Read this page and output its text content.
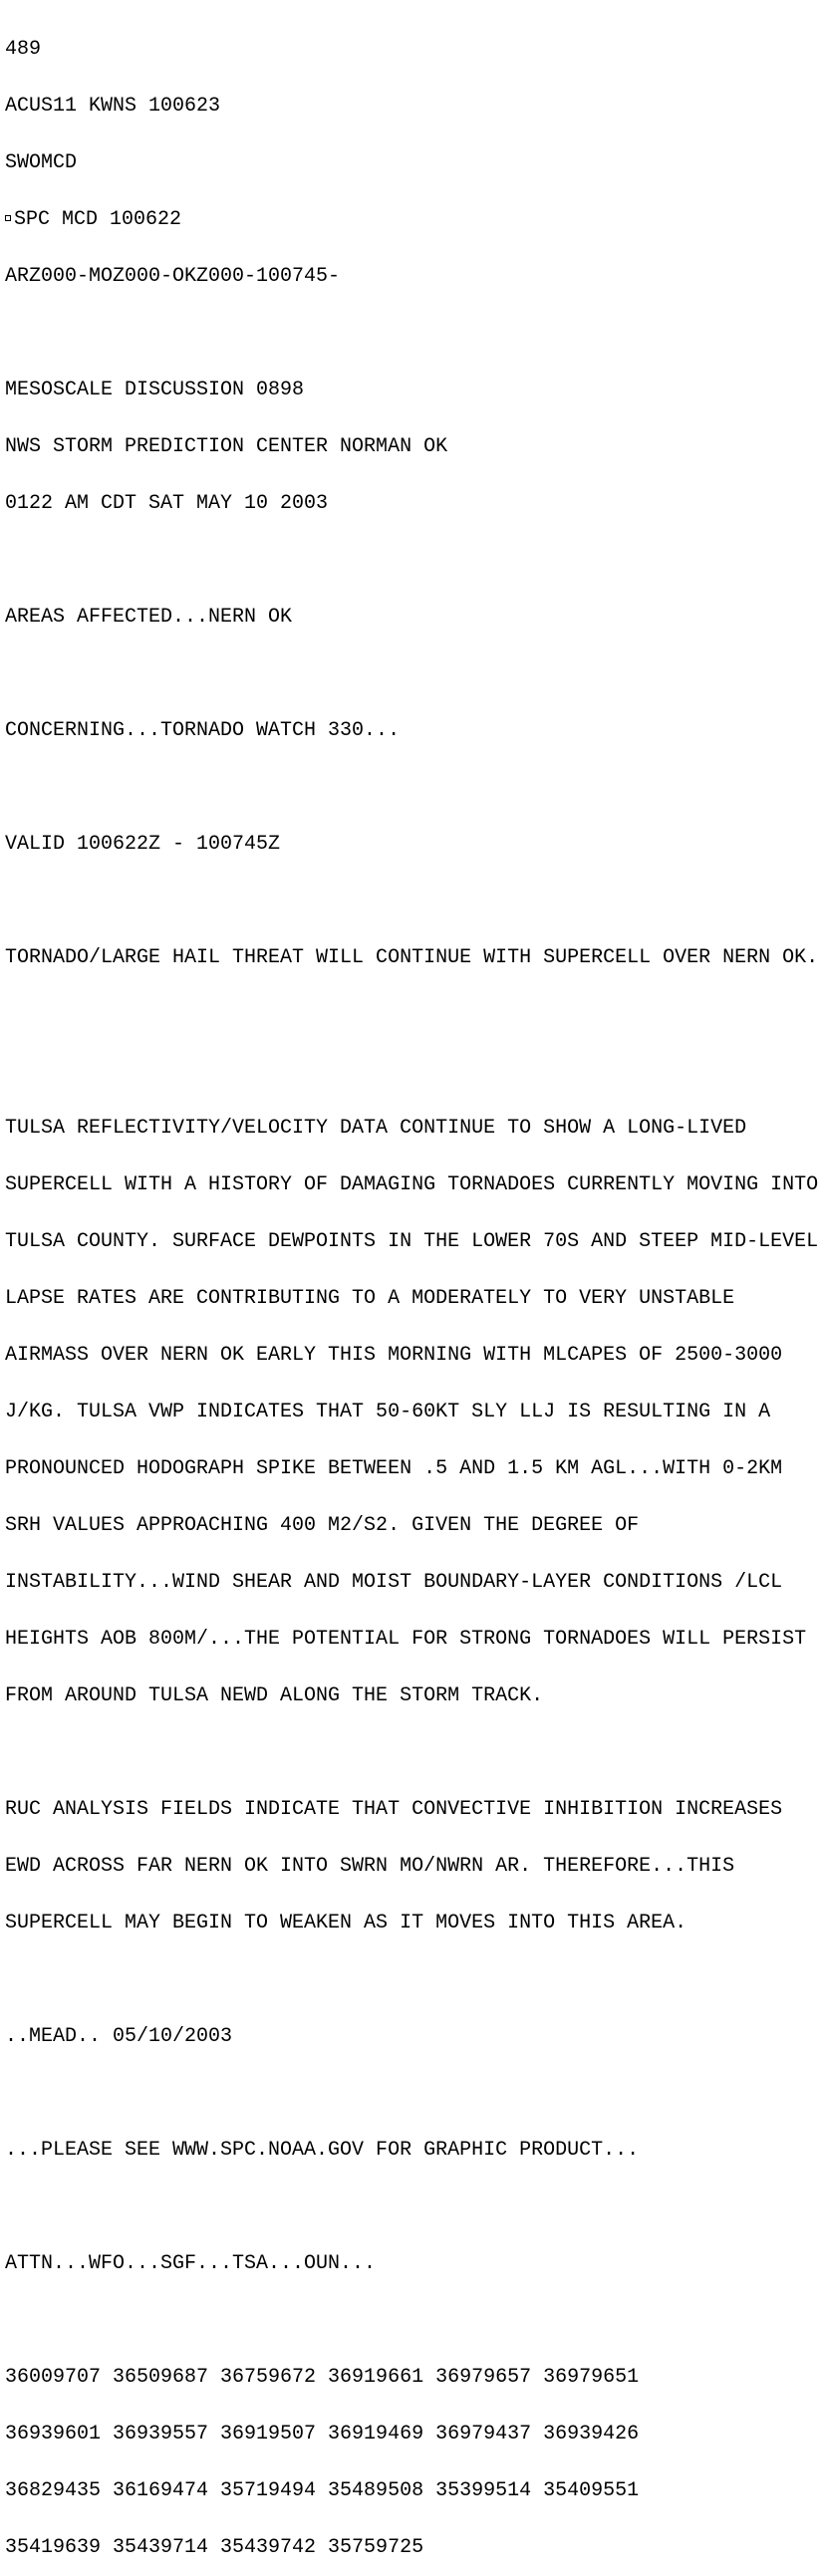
489

ACUS11 KWNS 100623

SWOMCD

SPC MCD 100622

ARZ000-MOZ000-OKZ000-100745-

MESOSCALE DISCUSSION 0898

NWS STORM PREDICTION CENTER NORMAN OK

0122 AM CDT SAT MAY 10 2003

AREAS AFFECTED...NERN OK

CONCERNING...TORNADO WATCH 330...

VALID 100622Z - 100745Z

TORNADO/LARGE HAIL THREAT WILL CONTINUE WITH SUPERCELL OVER NERN OK.

TULSA REFLECTIVITY/VELOCITY DATA CONTINUE TO SHOW A LONG-LIVED

SUPERCELL WITH A HISTORY OF DAMAGING TORNADOES CURRENTLY MOVING INTO

TULSA COUNTY. SURFACE DEWPOINTS IN THE LOWER 70S AND STEEP MID-LEVEL

LAPSE RATES ARE CONTRIBUTING TO A MODERATELY TO VERY UNSTABLE

AIRMASS OVER NERN OK EARLY THIS MORNING WITH MLCAPES OF 2500-3000

J/KG. TULSA VWP INDICATES THAT 50-60KT SLY LLJ IS RESULTING IN A

PRONOUNCED HODOGRAPH SPIKE BETWEEN .5 AND 1.5 KM AGL...WITH 0-2KM

SRH VALUES APPROACHING 400 M2/S2. GIVEN THE DEGREE OF

INSTABILITY...WIND SHEAR AND MOIST BOUNDARY-LAYER CONDITIONS /LCL

HEIGHTS AOB 800M/...THE POTENTIAL FOR STRONG TORNADOES WILL PERSIST

FROM AROUND TULSA NEWD ALONG THE STORM TRACK.

RUC ANALYSIS FIELDS INDICATE THAT CONVECTIVE INHIBITION INCREASES

EWD ACROSS FAR NERN OK INTO SWRN MO/NWRN AR. THEREFORE...THIS

SUPERCELL MAY BEGIN TO WEAKEN AS IT MOVES INTO THIS AREA.

..MEAD.. 05/10/2003

...PLEASE SEE WWW.SPC.NOAA.GOV FOR GRAPHIC PRODUCT...

ATTN...WFO...SGF...TSA...OUN...

36009707 36509687 36759672 36919661 36979657 36979651

36939601 36939557 36919507 36919469 36979437 36939426

36829435 36169474 35719494 35489508 35399514 35409551

35419639 35439714 35439742 35759725
